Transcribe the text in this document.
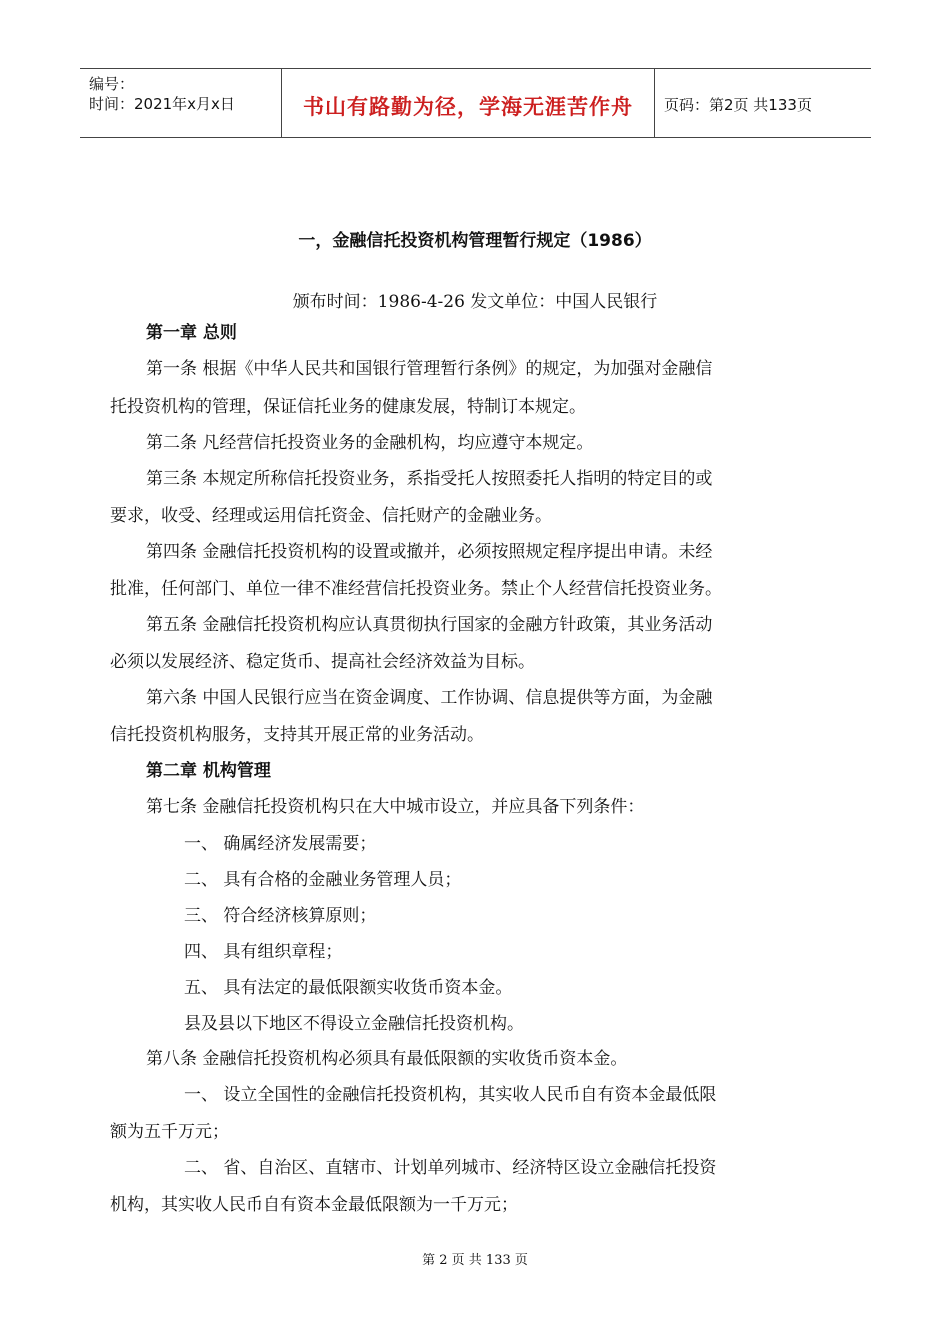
编号：
时间：2021年x月x日	书山有路勤为径，学海无涯苦作舟	页码：第2页 共133页
一，金融信托投资机构管理暂行规定（1986）
颁布时间：1986-4-26 发文单位：中国人民银行
第一章 总则
第一条 根据《中华人民共和国银行管理暂行条例》的规定，为加强对金融信
托投资机构的管理，保证信托业务的健康发展，特制订本规定。
第二条 凡经营信托投资业务的金融机构，均应遵守本规定。
第三条 本规定所称信托投资业务，系指受托人按照委托人指明的特定目的或
要求，收受、经理或运用信托资金、信托财产的金融业务。
第四条 金融信托投资机构的设置或撤并，必须按照规定程序提出申请。未经
批准，任何部门、单位一律不准经营信托投资业务。禁止个人经营信托投资业务。
第五条 金融信托投资机构应认真贯彻执行国家的金融方针政策，其业务活动
必须以发展经济、稳定货币、提高社会经济效益为目标。
第六条 中国人民银行应当在资金调度、工作协调、信息提供等方面，为金融
信托投资机构服务，支持其开展正常的业务活动。
第二章 机构管理
第七条 金融信托投资机构只在大中城市设立，并应具备下列条件：
一、 确属经济发展需要；
二、 具有合格的金融业务管理人员；
三、 符合经济核算原则；
四、 具有组织章程；
五、 具有法定的最低限额实收货币资本金。
县及县以下地区不得设立金融信托投资机构。
第八条 金融信托投资机构必须具有最低限额的实收货币资本金。
一、 设立全国性的金融信托投资机构，其实收人民币自有资本金最低限
额为五千万元；
二、 省、自治区、直辖市、计划单列城市、经济特区设立金融信托投资
机构，其实收人民币自有资本金最低限额为一千万元；
第 2 页 共 133 页
